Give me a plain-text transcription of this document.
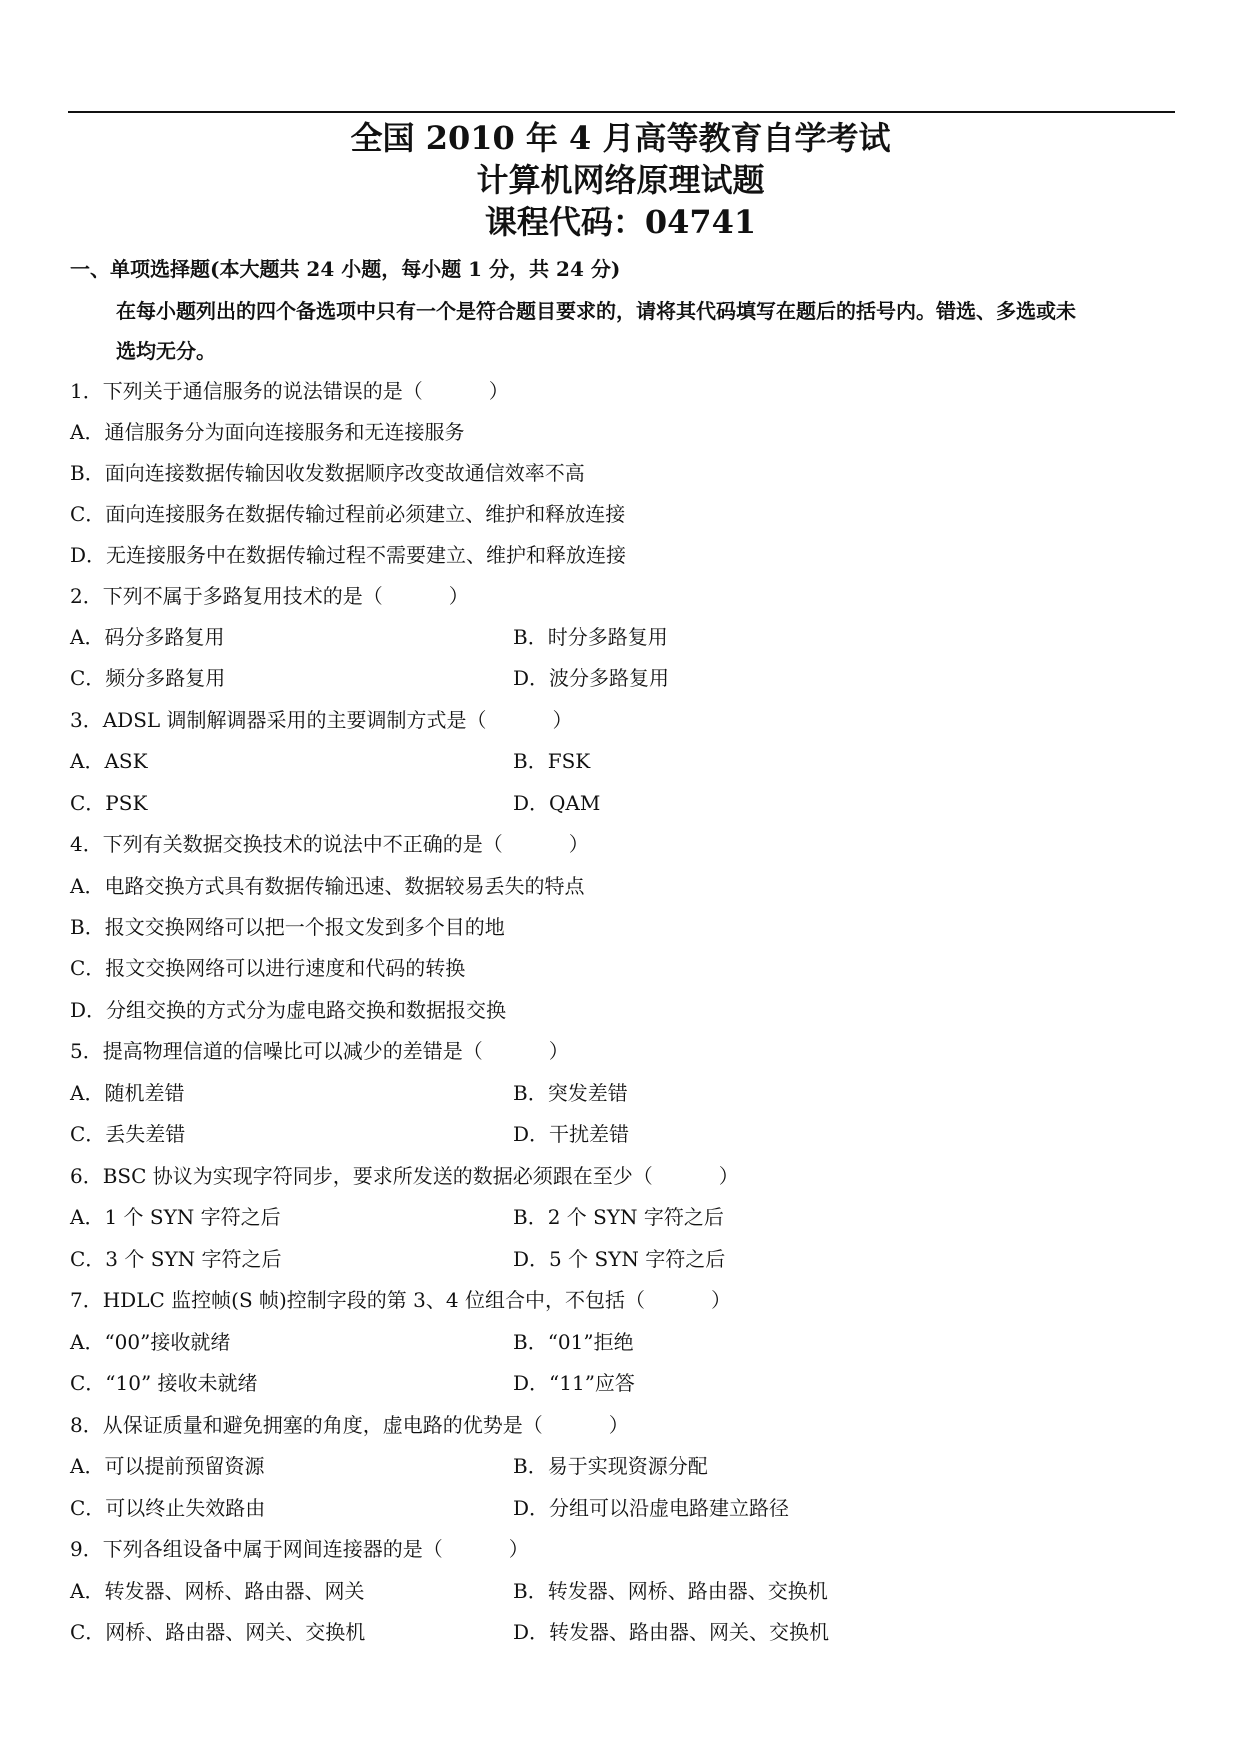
全国 2010 年 4 月高等教育自学考试
计算机网络原理试题
课程代码：04741
一、单项选择题(本大题共 24 小题，每小题 1 分，共 24 分)
在每小题列出的四个备选项中只有一个是符合题目要求的，请将其代码填写在题后的括号内。错选、多选或未
选均无分。
1．下列关于通信服务的说法错误的是（	）
A．通信服务分为面向连接服务和无连接服务
B．面向连接数据传输因收发数据顺序改变故通信效率不高
C．面向连接服务在数据传输过程前必须建立、维护和释放连接
D．无连接服务中在数据传输过程不需要建立、维护和释放连接
2．下列不属于多路复用技术的是（	）
A．码分多路复用	B．时分多路复用
C．频分多路复用	D．波分多路复用
3．ADSL 调制解调器采用的主要调制方式是（	）
A．ASK	B．FSK
C．PSK	D．QAM
4．下列有关数据交换技术的说法中不正确的是（	）
A．电路交换方式具有数据传输迅速、数据较易丢失的特点
B．报文交换网络可以把一个报文发到多个目的地
C．报文交换网络可以进行速度和代码的转换
D．分组交换的方式分为虚电路交换和数据报交换
5．提高物理信道的信噪比可以减少的差错是（	）
A．随机差错	B．突发差错
C．丢失差错	D．干扰差错
6．BSC 协议为实现字符同步，要求所发送的数据必须跟在至少（	）
A．1 个 SYN 字符之后	B．2 个 SYN 字符之后
C．3 个 SYN 字符之后	D．5 个 SYN 字符之后
7．HDLC 监控帧(S 帧)控制字段的第 3、4 位组合中，不包括（	）
A．“00”接收就绪	B．“01”拒绝
C．“10” 接收未就绪	D．“11”应答
8．从保证质量和避免拥塞的角度，虚电路的优势是（	）
A．可以提前预留资源	B．易于实现资源分配
C．可以终止失效路由	D．分组可以沿虚电路建立路径
9．下列各组设备中属于网间连接器的是（	）
A．转发器、网桥、路由器、网关	B．转发器、网桥、路由器、交换机
C．网桥、路由器、网关、交换机	D．转发器、路由器、网关、交换机
